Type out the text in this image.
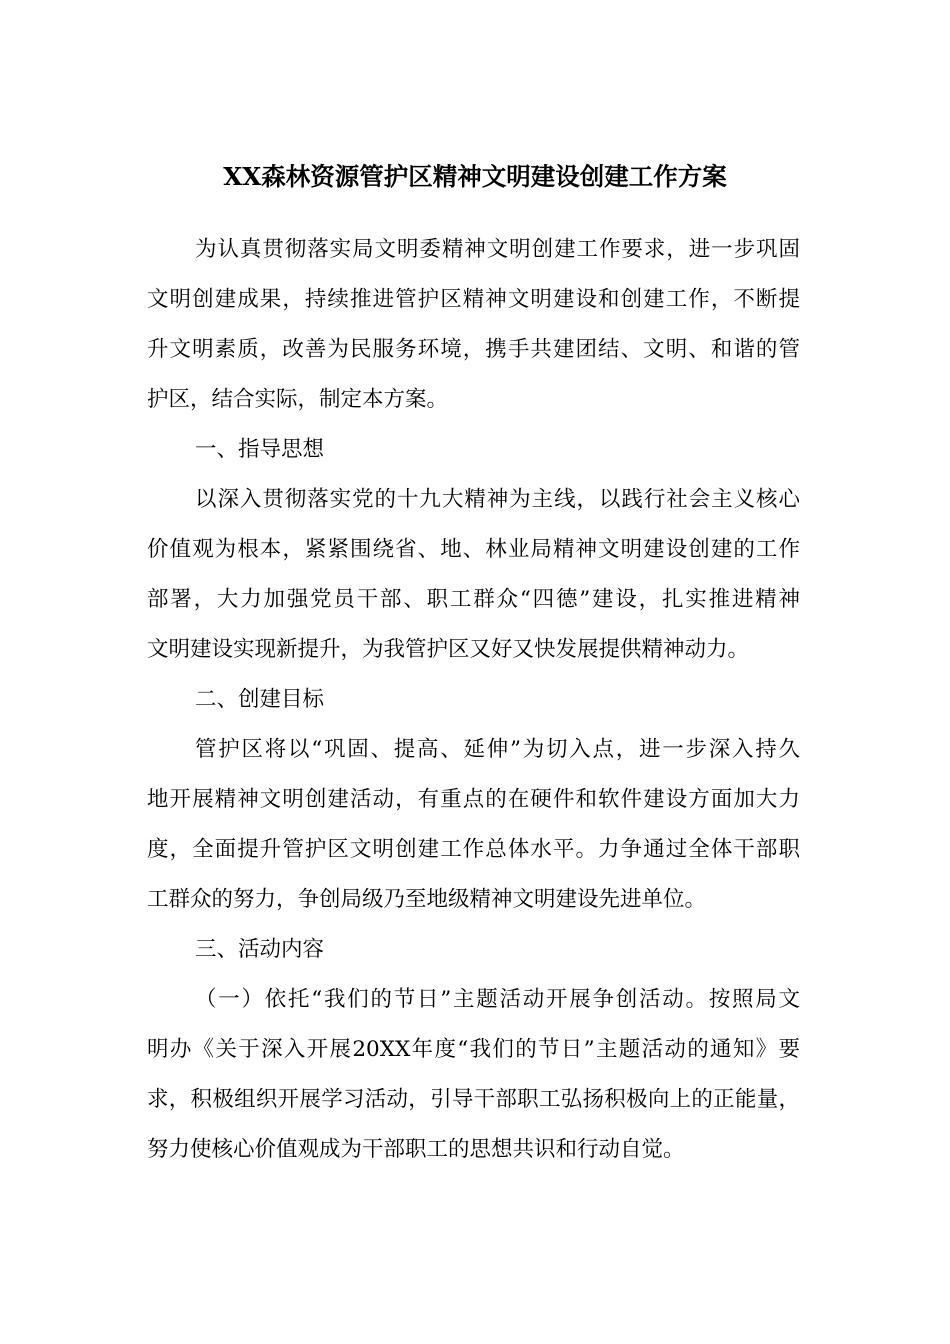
XX森林资源管护区精神文明建设创建工作方案
为认真贯彻落实局文明委精神文明创建工作要求，进一步巩固
文明创建成果，持续推进管护区精神文明建设和创建工作，不断提
升文明素质，改善为民服务环境，携手共建团结、文明、和谐的管
护区，结合实际，制定本方案。
一、指导思想
以深入贯彻落实党的十九大精神为主线，以践行社会主义核心
价值观为根本，紧紧围绕省、地、林业局精神文明建设创建的工作
部署，大力加强党员干部、职工群众“四德”建设，扎实推进精神
文明建设实现新提升，为我管护区又好又快发展提供精神动力。
二、创建目标
管护区将以“巩固、提高、延伸”为切入点，进一步深入持久
地开展精神文明创建活动，有重点的在硬件和软件建设方面加大力
度，全面提升管护区文明创建工作总体水平。力争通过全体干部职
工群众的努力，争创局级乃至地级精神文明建设先进单位。
三、活动内容
（一）依托“我们的节日”主题活动开展争创活动。按照局文
明办《关于深入开展20XX年度“我们的节日”主题活动的通知》要
求，积极组织开展学习活动，引导干部职工弘扬积极向上的正能量，
努力使核心价值观成为干部职工的思想共识和行动自觉。
